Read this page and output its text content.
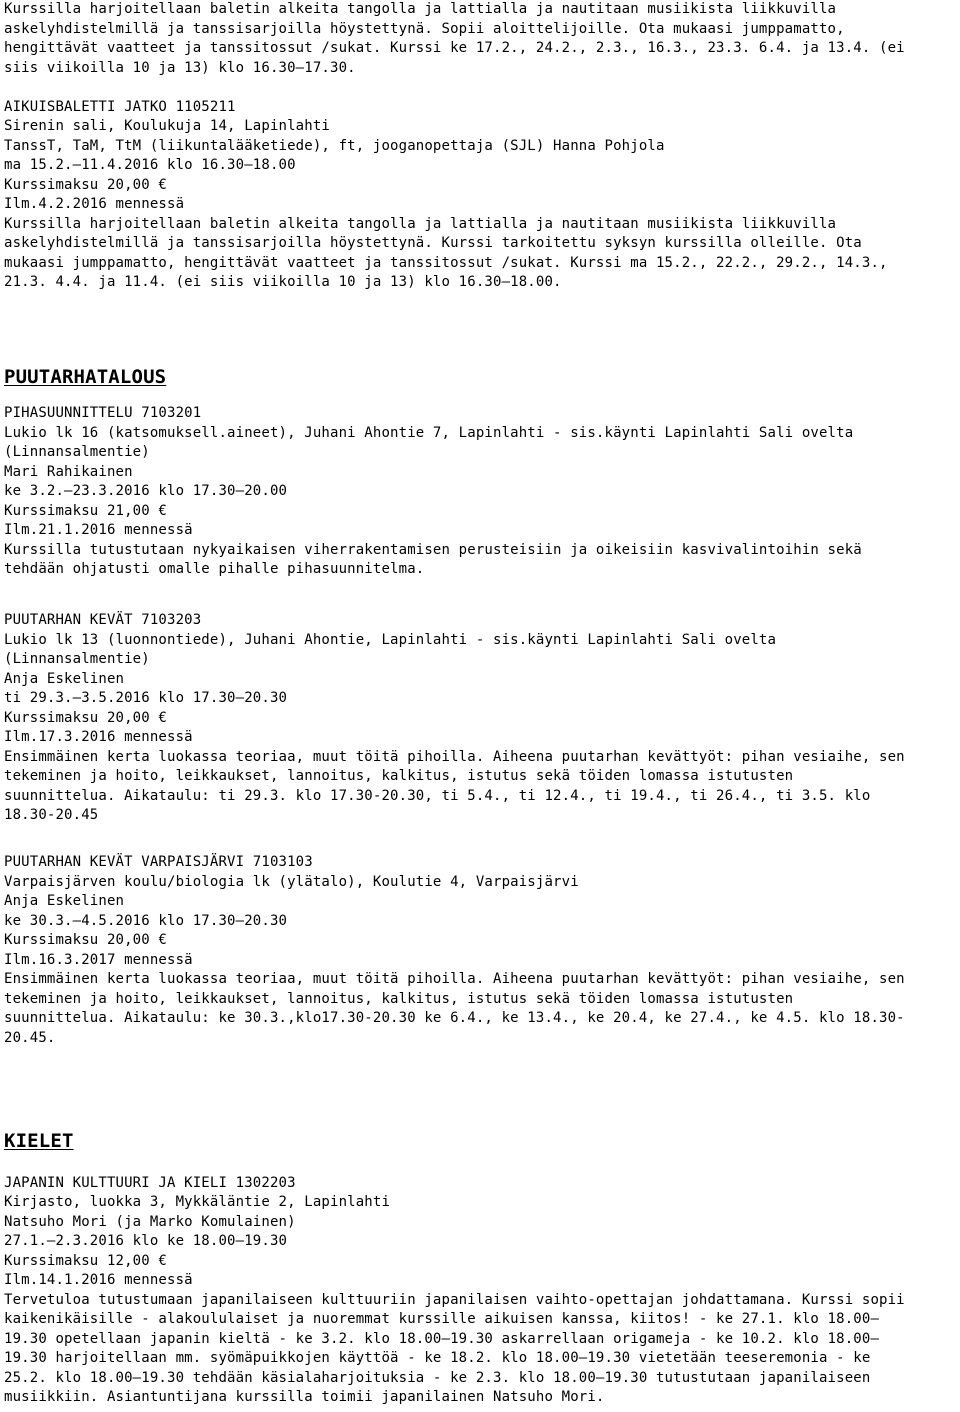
Kurssilla harjoitellaan baletin alkeita tangolla ja lattialla ja nautitaan musiikista liikkuvilla
askelyhdistelmillä ja tanssisarjoilla höystettynä. Sopii aloittelijoille. Ota mukaasi jumppamatto,
hengittävät vaatteet ja tanssitossut /sukat. Kurssi ke 17.2., 24.2., 2.3., 16.3., 23.3. 6.4. ja 13.4. (ei
siis viikoilla 10 ja 13) klo 16.30–17.30.
AIKUISBALETTI JATKO 1105211
Sirenin sali, Koulukuja 14, Lapinlahti
TanssT, TaM, TtM (liikuntalääketiede), ft, jooganopettaja (SJL) Hanna Pohjola
ma 15.2.–11.4.2016 klo 16.30–18.00
Kurssimaksu 20,00 €
Ilm.4.2.2016 mennessä
Kurssilla harjoitellaan baletin alkeita tangolla ja lattialla ja nautitaan musiikista liikkuvilla
askelyhdistelmillä ja tanssisarjoilla höystettynä. Kurssi tarkoitettu syksyn kurssilla olleille. Ota
mukaasi jumppamatto, hengittävät vaatteet ja tanssitossut /sukat. Kurssi ma 15.2., 22.2., 29.2., 14.3.,
21.3. 4.4. ja 11.4. (ei siis viikoilla 10 ja 13) klo 16.30–18.00.
PUUTARHATALOUS
PIHASUUNNITTELU 7103201
Lukio lk 16 (katsomuksell.aineet), Juhani Ahontie 7, Lapinlahti - sis.käynti Lapinlahti Sali ovelta
(Linnansalmentie)
Mari Rahikainen
ke 3.2.–23.3.2016 klo 17.30–20.00
Kurssimaksu 21,00 €
Ilm.21.1.2016 mennessä
Kurssilla tutustutaan nykyaikaisen viherrakentamisen perusteisiin ja oikeisiin kasvivalintoihin sekä
tehdään ohjatusti omalle pihalle pihasuunnitelma.
PUUTARHAN KEVÄT 7103203
Lukio lk 13 (luonnontiede), Juhani Ahontie, Lapinlahti - sis.käynti Lapinlahti Sali ovelta
(Linnansalmentie)
Anja Eskelinen
ti 29.3.–3.5.2016 klo 17.30–20.30
Kurssimaksu 20,00 €
Ilm.17.3.2016 mennessä
Ensimmäinen kerta luokassa teoriaa, muut töitä pihoilla. Aiheena puutarhan kevättyöt: pihan vesiaihe, sen
tekeminen ja hoito, leikkaukset, lannoitus, kalkitus, istutus sekä töiden lomassa istutusten
suunnittelua. Aikataulu: ti 29.3. klo 17.30-20.30, ti 5.4., ti 12.4., ti 19.4., ti 26.4., ti 3.5. klo
18.30-20.45
PUUTARHAN KEVÄT VARPAISJÄRVI 7103103
Varpaisjärven koulu/biologia lk (ylätalo), Koulutie 4, Varpaisjärvi
Anja Eskelinen
ke 30.3.–4.5.2016 klo 17.30–20.30
Kurssimaksu 20,00 €
Ilm.16.3.2017 mennessä
Ensimmäinen kerta luokassa teoriaa, muut töitä pihoilla. Aiheena puutarhan kevättyöt: pihan vesiaihe, sen
tekeminen ja hoito, leikkaukset, lannoitus, kalkitus, istutus sekä töiden lomassa istutusten
suunnittelua. Aikataulu: ke 30.3.,klo17.30-20.30 ke 6.4., ke 13.4., ke 20.4, ke 27.4., ke 4.5. klo 18.30-
20.45.
KIELET
JAPANIN KULTTUURI JA KIELI 1302203
Kirjasto, luokka 3, Mykkäläntie 2, Lapinlahti
Natsuho Mori (ja Marko Komulainen)
27.1.–2.3.2016 klo ke 18.00–19.30
Kurssimaksu 12,00 €
Ilm.14.1.2016 mennessä
Tervetuloa tutustumaan japanilaiseen kulttuuriin japanilaisen vaihto-opettajan johdattamana. Kurssi sopii
kaikenikäisille - alakoululaiset ja nuoremmat kurssille aikuisen kanssa, kiitos! - ke 27.1. klo 18.00–
19.30 opetellaan japanin kieltä - ke 3.2. klo 18.00–19.30 askarrellaan origameja - ke 10.2. klo 18.00–
19.30 harjoitellaan mm. syömäpuikkojen käyttöä - ke 18.2. klo 18.00–19.30 vietetään teeseremonia - ke
25.2. klo 18.00–19.30 tehdään käsialaharjoituksia - ke 2.3. klo 18.00–19.30 tutustutaan japanilaiseen
musiikkiin. Asiantuntijana kurssilla toimii japanilainen Natsuho Mori.
